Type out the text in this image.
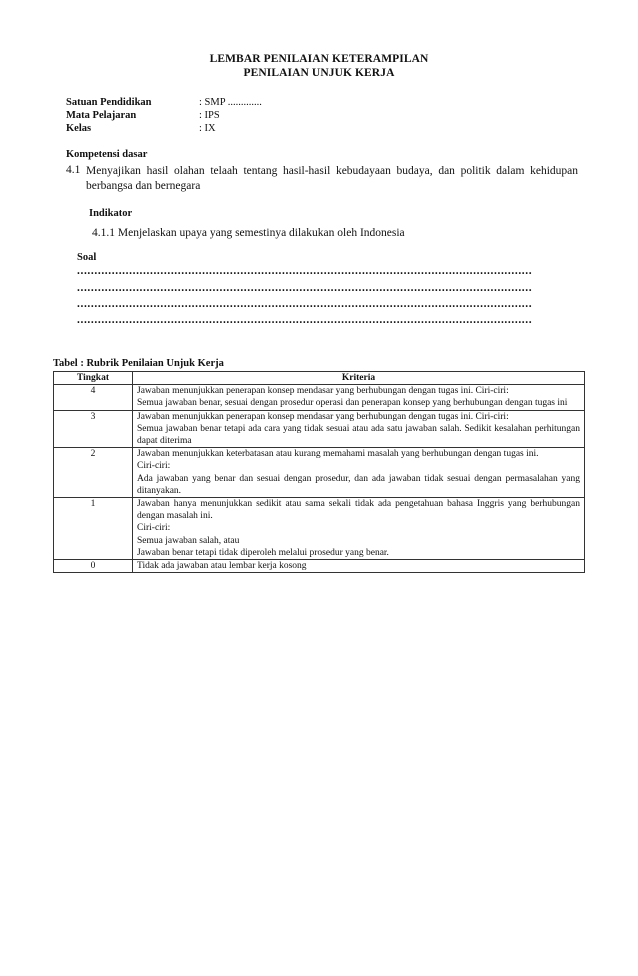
LEMBAR PENILAIAN KETERAMPILAN
PENILAIAN UNJUK KERJA
Satuan Pendidikan	: SMP .............
Mata Pelajaran	: IPS
Kelas	: IX
Kompetensi dasar
4.1 Menyajikan hasil olahan telaah tentang hasil-hasil kebudayaan budaya, dan politik dalam kehidupan berbangsa dan bernegara
Indikator
4.1.1 Menjelaskan upaya yang semestinya dilakukan oleh Indonesia
Soal
...................................................................................................................................
...................................................................................................................................
...................................................................................................................................
...................................................................................................................................
Tabel : Rubrik Penilaian Unjuk Kerja
Tingkat	Kriteria
4	Jawaban menunjukkan penerapan konsep mendasar yang berhubungan dengan tugas ini. Ciri-ciri:
Semua jawaban benar, sesuai dengan prosedur operasi dan penerapan konsep yang berhubungan dengan tugas ini

3	Jawaban menunjukkan penerapan konsep mendasar yang berhubungan dengan tugas ini. Ciri-ciri:
Semua jawaban benar tetapi ada cara yang tidak sesuai atau ada satu jawaban salah. Sedikit kesalahan perhitungan dapat diterima

2	Jawaban menunjukkan keterbatasan atau kurang memahami masalah yang berhubungan dengan tugas ini.
Ciri-ciri:
Ada jawaban yang benar dan sesuai dengan prosedur, dan ada jawaban tidak sesuai dengan permasalahan yang ditanyakan.

1	Jawaban hanya menunjukkan sedikit atau sama sekali tidak ada pengetahuan bahasa Inggris yang berhubungan dengan masalah ini.
Ciri-ciri:
Semua jawaban salah, atau
Jawaban benar tetapi tidak diperoleh melalui prosedur yang benar.

0	Tidak ada jawaban atau lembar kerja kosong
